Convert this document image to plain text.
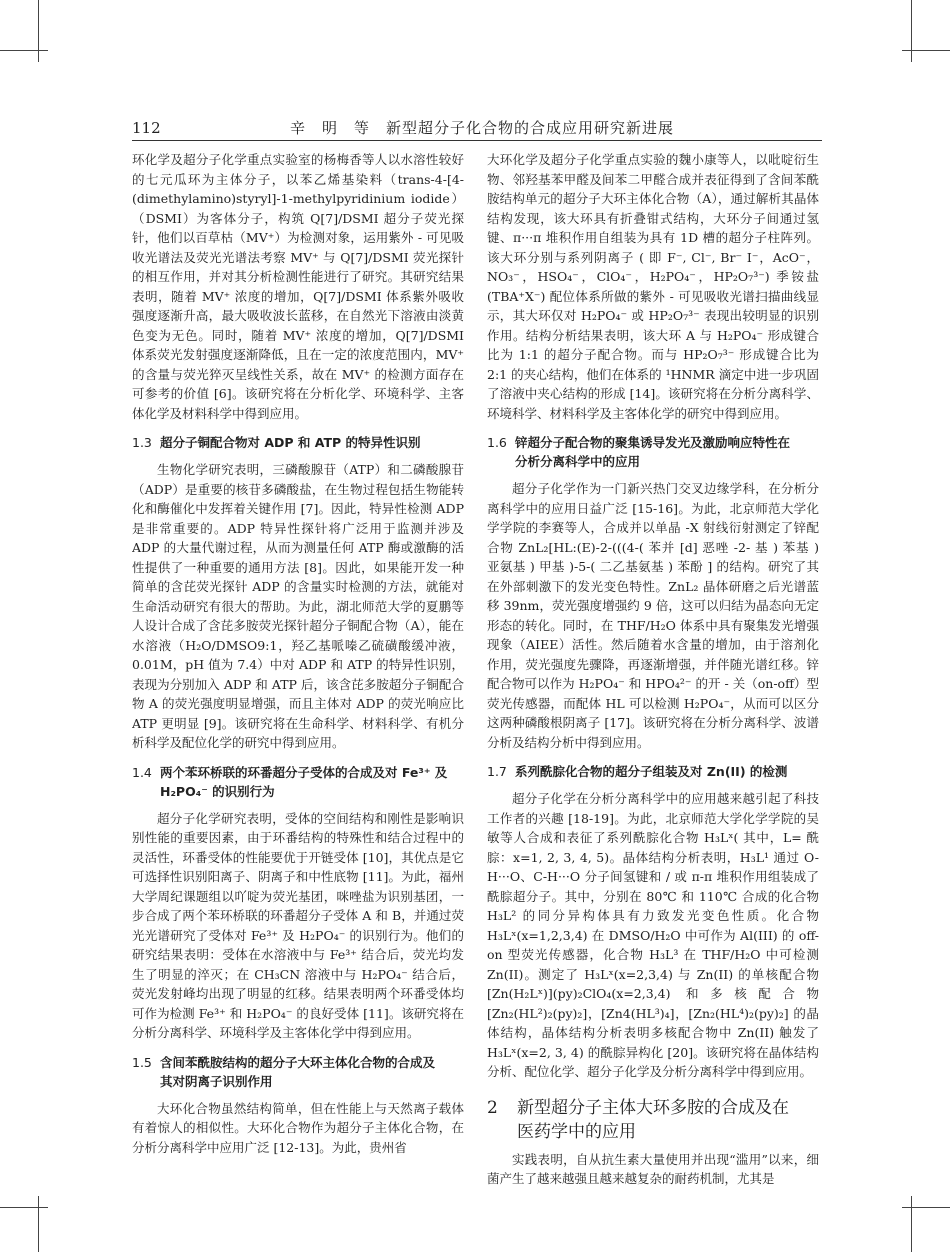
112	辛　明　等　新型超分子化合物的合成应用研究新进展

环化学及超分子化学重点实验室的杨梅香等人以水溶性较好的七元瓜环为主体分子，以苯乙烯基染料（trans-4-[4-(dimethylamino)styryl]-1-methylpyridinium iodide）（DSMI）为客体分子，构筑 Q[7]/DSMI 超分子荧光探针，他们以百草枯（MV⁺）为检测对象，运用紫外 - 可见吸收光谱法及荧光光谱法考察 MV⁺ 与 Q[7]/DSMI 荧光探针的相互作用，并对其分析检测性能进行了研究。其研究结果表明，随着 MV⁺ 浓度的增加，Q[7]/DSMI 体系紫外吸收强度逐渐升高，最大吸收波长蓝移，在自然光下溶液由淡黄色变为无色。同时，随着 MV⁺ 浓度的增加，Q[7]/DSMI 体系荧光发射强度逐渐降低，且在一定的浓度范围内，MV⁺ 的含量与荧光猝灭呈线性关系，故在 MV⁺ 的检测方面存在可参考的价值 [6]。该研究将在分析化学、环境科学、主客体化学及材料科学中得到应用。

1.3 超分子铜配合物对 ADP 和 ATP 的特异性识别

生物化学研究表明，三磷酸腺苷（ATP）和二磷酸腺苷（ADP）是重要的核苷多磷酸盐，在生物过程包括生物能转化和酶催化中发挥着关键作用 [7]。因此，特异性检测 ADP 是非常重要的。ADP 特异性探针将广泛用于监测并涉及 ADP 的大量代谢过程，从而为测量任何 ATP 酶或激酶的活性提供了一种重要的通用方法 [8]。因此，如果能开发一种简单的含芘荧光探针 ADP 的含量实时检测的方法，就能对生命活动研究有很大的帮助。为此，湖北师范大学的夏鹏等人设计合成了含芘多胺荧光探针超分子铜配合物（A），能在水溶液（H₂O/DMSO9:1，羟乙基哌嗪乙硫磺酸缓冲液，0.01M，pH 值为 7.4）中对 ADP 和 ATP 的特异性识别，表现为分别加入 ADP 和 ATP 后，该含芘多胺超分子铜配合物 A 的荧光强度明显增强，而且主体对 ADP 的荧光响应比 ATP 更明显 [9]。该研究将在生命科学、材料科学、有机分析科学及配位化学的研究中得到应用。

1.4 两个苯环桥联的环番超分子受体的合成及对 Fe³⁺ 及
H₂PO₄⁻ 的识别行为

超分子化学研究表明，受体的空间结构和刚性是影响识别性能的重要因素，由于环番结构的特殊性和结合过程中的灵活性，环番受体的性能要优于开链受体 [10]，其优点是它可选择性识别阳离子、阴离子和中性底物 [11]。为此，福州大学周纪课题组以吖啶为荧光基团，咪唑盐为识别基团，一步合成了两个苯环桥联的环番超分子受体 A 和 B，并通过荧光光谱研究了受体对 Fe³⁺ 及 H₂PO₄⁻ 的识别行为。他们的研究结果表明：受体在水溶液中与 Fe³⁺ 结合后，荧光均发生了明显的淬灭；在 CH₃CN 溶液中与 H₂PO₄⁻ 结合后，荧光发射峰均出现了明显的红移。结果表明两个环番受体均可作为检测 Fe³⁺ 和 H₂PO₄⁻ 的良好受体 [11]。该研究将在分析分离科学、环境科学及主客体化学中得到应用。

1.5 含间苯酰胺结构的超分子大环主体化合物的合成及
其对阴离子识别作用

大环化合物虽然结构简单，但在性能上与天然离子载体有着惊人的相似性。大环化合物作为超分子主体化合物，在分析分离科学中应用广泛 [12-13]。为此，贵州省

大环化学及超分子化学重点实验的魏小康等人，以吡啶衍生物、邻羟基苯甲醛及间苯二甲醛合成并表征得到了含间苯酰胺结构单元的超分子大环主体化合物（A），通过解析其晶体结构发现，该大环具有折叠钳式结构，大环分子间通过氢键、π···π 堆积作用自组装为具有 1D 槽的超分子柱阵列。该大环分别与系列阴离子 ( 即 F⁻, Cl⁻, Br⁻ I⁻，AcO⁻，NO₃⁻，HSO₄⁻，ClO₄⁻，H₂PO₄⁻，HP₂O₇³⁻) 季铵盐 (TBA⁺X⁻) 配位体系所做的紫外 - 可见吸收光谱扫描曲线显示，其大环仅对 H₂PO₄⁻ 或 HP₂O₇³⁻ 表现出较明显的识别作用。结构分析结果表明，该大环 A 与 H₂PO₄⁻ 形成键合比为 1:1 的超分子配合物。而与 HP₂O₇³⁻ 形成键合比为 2:1 的夹心结构，他们在体系的 ¹HNMR 滴定中进一步巩固了溶液中夹心结构的形成 [14]。该研究将在分析分离科学、环境科学、材料科学及主客体化学的研究中得到应用。

1.6 锌超分子配合物的聚集诱导发光及激励响应特性在
分析分离科学中的应用

超分子化学作为一门新兴热门交叉边缘学科，在分析分离科学中的应用日益广泛 [15-16]。为此，北京师范大学化学学院的李赛等人，合成并以单晶 -X 射线衍射测定了锌配合物 ZnL₂[HL:(E)-2-(((4-( 苯并 [d] 恶唑 -2- 基 ) 苯基 ) 亚氨基 ) 甲基 )-5-( 二乙基氨基 ) 苯酚 ] 的结构。研究了其在外部刺激下的发光变色特性。ZnL₂ 晶体研磨之后光谱蓝移 39nm，荧光强度增强约 9 倍，这可以归结为晶态向无定形态的转化。同时，在 THF/H₂O 体系中具有聚集发光增强现象（AIEE）活性。然后随着水含量的增加，由于溶剂化作用，荧光强度先骤降，再逐渐增强，并伴随光谱红移。锌配合物可以作为 H₂PO₄⁻ 和 HPO₄²⁻ 的开 - 关（on-off）型荧光传感器，而配体 HL 可以检测 H₂PO₄⁻，从而可以区分这两种磷酸根阴离子 [17]。该研究将在分析分离科学、波谱分析及结构分析中得到应用。

1.7 系列酰腙化合物的超分子组装及对 Zn(II) 的检测

超分子化学在分析分离科学中的应用越来越引起了科技工作者的兴趣 [18-19]。为此，北京师范大学化学学院的吴敏等人合成和表征了系列酰腙化合物 H₃Lˣ( 其中，L= 酰腙：x=1, 2, 3, 4, 5)。晶体结构分析表明，H₃L¹ 通过 O-H···O、C-H···O 分子间氢键和 / 或 π-π 堆积作用组装成了酰腙超分子。其中，分别在 80℃ 和 110℃ 合成的化合物 H₃L² 的同分异构体具有力致发光变色性质。化合物 H₃Lˣ(x=1,2,3,4) 在 DMSO/H₂O 中可作为 Al(III) 的 off-on 型荧光传感器，化合物 H₃L³ 在 THF/H₂O 中可检测 Zn(II)。测定了 H₃Lˣ(x=2,3,4) 与 Zn(II) 的单核配合物 [Zn(H₂Lˣ)](py)₂ClO₄(x=2,3,4) 和多核配合物 [Zn₂(HL²)₂(py)₂]，[Zn4(HL³)₄]，[Zn₂(HL⁴)₂(py)₂] 的晶体结构，晶体结构分析表明多核配合物中 Zn(II) 触发了 H₃Lˣ(x=2, 3, 4) 的酰腙异构化 [20]。该研究将在晶体结构分析、配位化学、超分子化学及分析分离科学中得到应用。

2 新型超分子主体大环多胺的合成及在
医药学中的应用

实践表明，自从抗生素大量使用并出现“滥用”以来，细菌产生了越来越强且越来越复杂的耐药机制，尤其是
